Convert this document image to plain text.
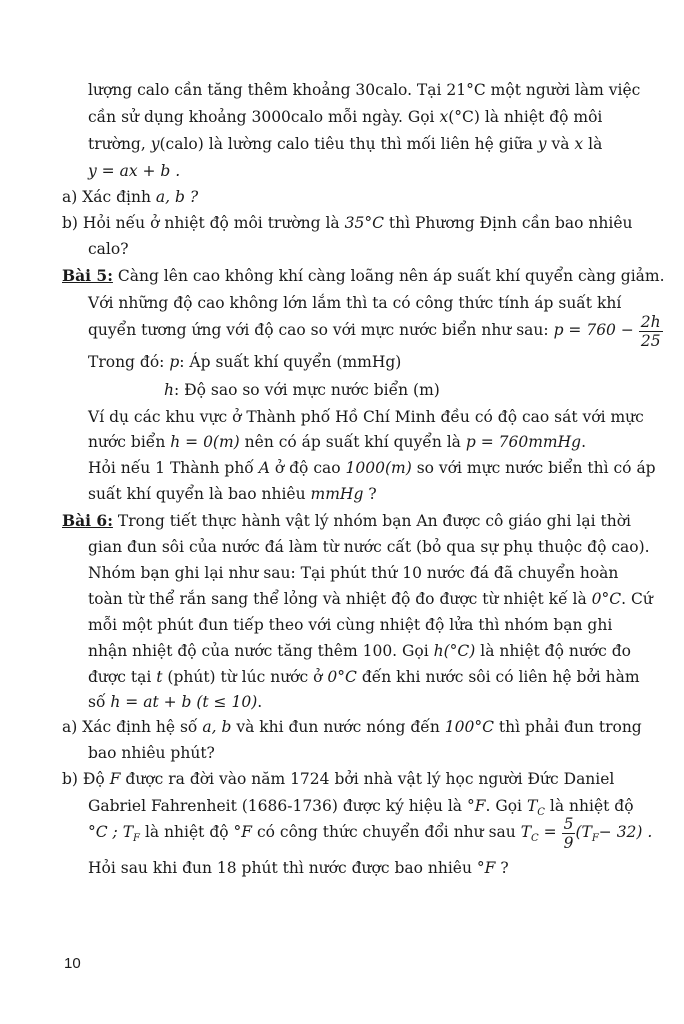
lượng calo cần tăng thêm khoảng 30calo. Tại 21°C một người làm việc
cần sử dụng khoảng 3000calo mỗi ngày. Gọi x(°C) là nhiệt độ môi
trường, y(calo) là lường calo tiêu thụ thì mối liên hệ giữa y và x là
y = ax + b .
a) Xác định a, b ?
b) Hỏi nếu ở nhiệt độ môi trường là 35°C thì Phương Định cần bao nhiêu
calo?
Bài 5: Càng lên cao không khí càng loãng nên áp suất khí quyển càng giảm.
Với những độ cao không lớn lắm thì ta có công thức tính áp suất khí
quyển tương ứng với độ cao so với mực nước biển như sau: $p = 760 - \frac{2h}{25}$
Trong đó: p: Áp suất khí quyển (mmHg)
h: Độ sao so với mực nước biển (m)
Ví dụ các khu vực ở Thành phố Hồ Chí Minh đều có độ cao sát với mực
nước biển h = 0(m) nên có áp suất khí quyển là p = 760mmHg.
Hỏi nếu 1 Thành phố A ở độ cao 1000(m) so với mực nước biển thì có áp
suất khí quyển là bao nhiêu mmHg ?
Bài 6: Trong tiết thực hành vật lý nhóm bạn An được cô giáo ghi lại thời
gian đun sôi của nước đá làm từ nước cất (bỏ qua sự phụ thuộc độ cao).
Nhóm bạn ghi lại như sau: Tại phút thứ 10 nước đá đã chuyển hoàn
toàn từ thể rắn sang thể lỏng và nhiệt độ đo được từ nhiệt kế là 0°C. Cứ
mỗi một phút đun tiếp theo với cùng nhiệt độ lửa thì nhóm bạn ghi
nhận nhiệt độ của nước tăng thêm 100. Gọi h(°C) là nhiệt độ nước đo
được tại t (phút) từ lúc nước ở 0°C đến khi nước sôi có liên hệ bởi hàm
số h = at + b (t ≤ 10).
a) Xác định hệ số a, b và khi đun nước nóng đến 100°C thì phải đun trong
bao nhiêu phút?
b) Độ F được ra đời vào năm 1724 bởi nhà vật lý học người Đức Daniel
Gabriel Fahrenheit (1686-1736) được ký hiệu là °F. Gọi $T_C$ là nhiệt độ
°C ; $T_F$ là nhiệt độ °F có công thức chuyển đổi như sau $T_C = \frac{5}{9} (T_F- 32)$ .
Hỏi sau khi đun 18 phút thì nước được bao nhiêu °F ?
10
